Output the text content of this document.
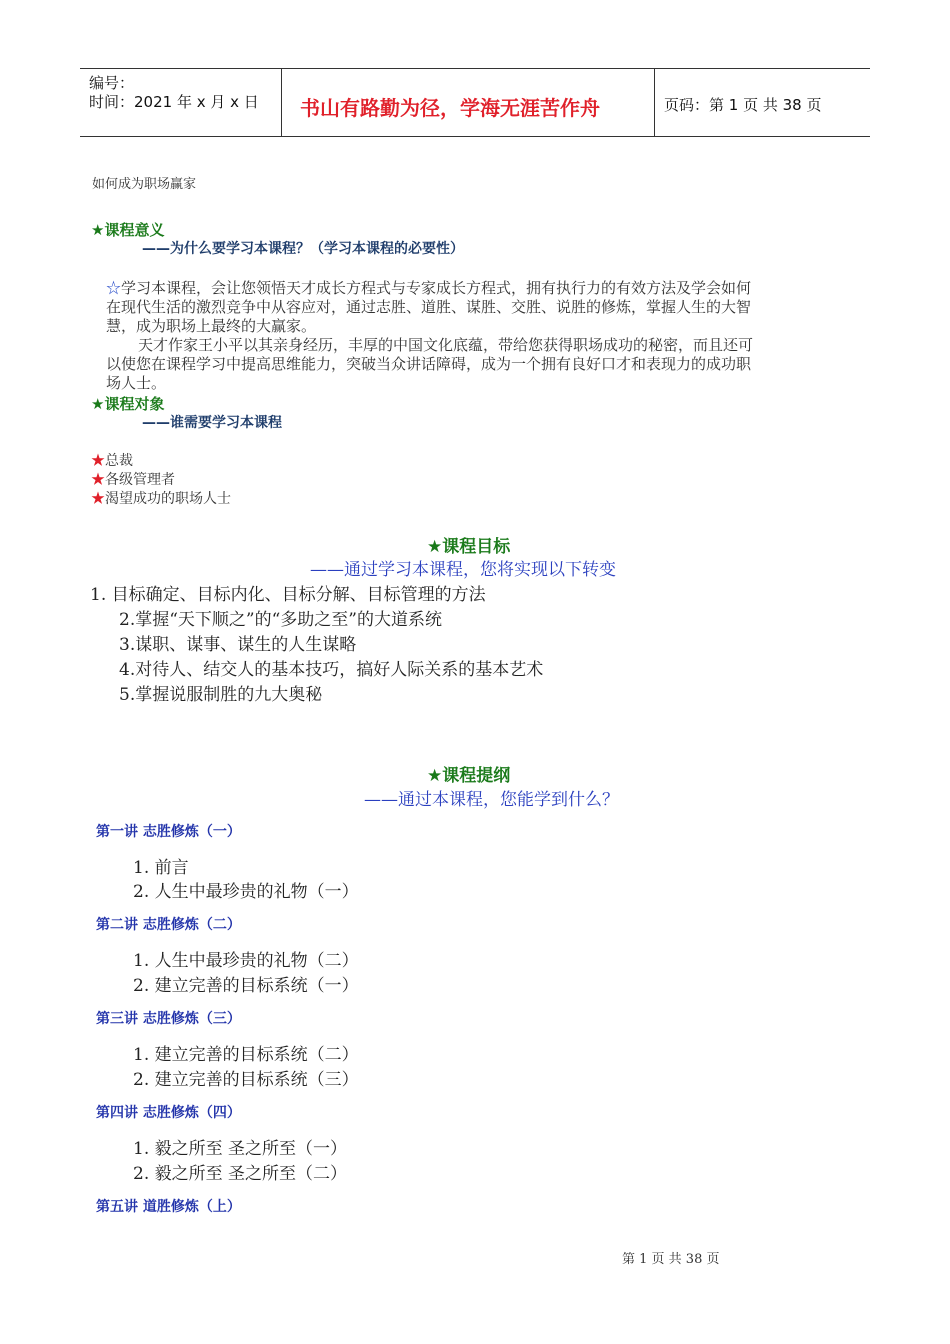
编号：
时间：2021 年 x 月 x 日 书山有路勤为径，学海无涯苦作舟	页码：第 1 页 共 38 页
如何成为职场赢家
★课程意义
——为什么要学习本课程？（学习本课程的必要性）
☆学习本课程，会让您领悟天才成长方程式与专家成长方程式，拥有执行力的有效方法及学会如何
在现代生活的激烈竞争中从容应对，通过志胜、道胜、谋胜、交胜、说胜的修炼，掌握人生的大智
慧，成为职场上最终的大赢家。
天才作家王小平以其亲身经历，丰厚的中国文化底蕴，带给您获得职场成功的秘密，而且还可
以使您在课程学习中提高思维能力，突破当众讲话障碍，成为一个拥有良好口才和表现力的成功职
场人士。
★课程对象
——谁需要学习本课程
★总裁
★各级管理者
★渴望成功的职场人士
★课程目标
——通过学习本课程，您将实现以下转变
1. 目标确定、目标内化、目标分解、目标管理的方法
2.掌握“天下顺之”的“多助之至”的大道系统
3.谋职、谋事、谋生的人生谋略
4.对待人、结交人的基本技巧，搞好人际关系的基本艺术
5.掌握说服制胜的九大奥秘
★课程提纲
——通过本课程，您能学到什么？
第一讲 志胜修炼（一）
1. 前言
2. 人生中最珍贵的礼物（一）
第二讲 志胜修炼（二）
1. 人生中最珍贵的礼物（二）
2. 建立完善的目标系统（一）
第三讲 志胜修炼（三）
1. 建立完善的目标系统（二）
2. 建立完善的目标系统（三）
第四讲 志胜修炼（四）
1. 毅之所至 圣之所至（一）
2. 毅之所至 圣之所至（二）
第五讲 道胜修炼（上）
第 1 页 共 38 页
